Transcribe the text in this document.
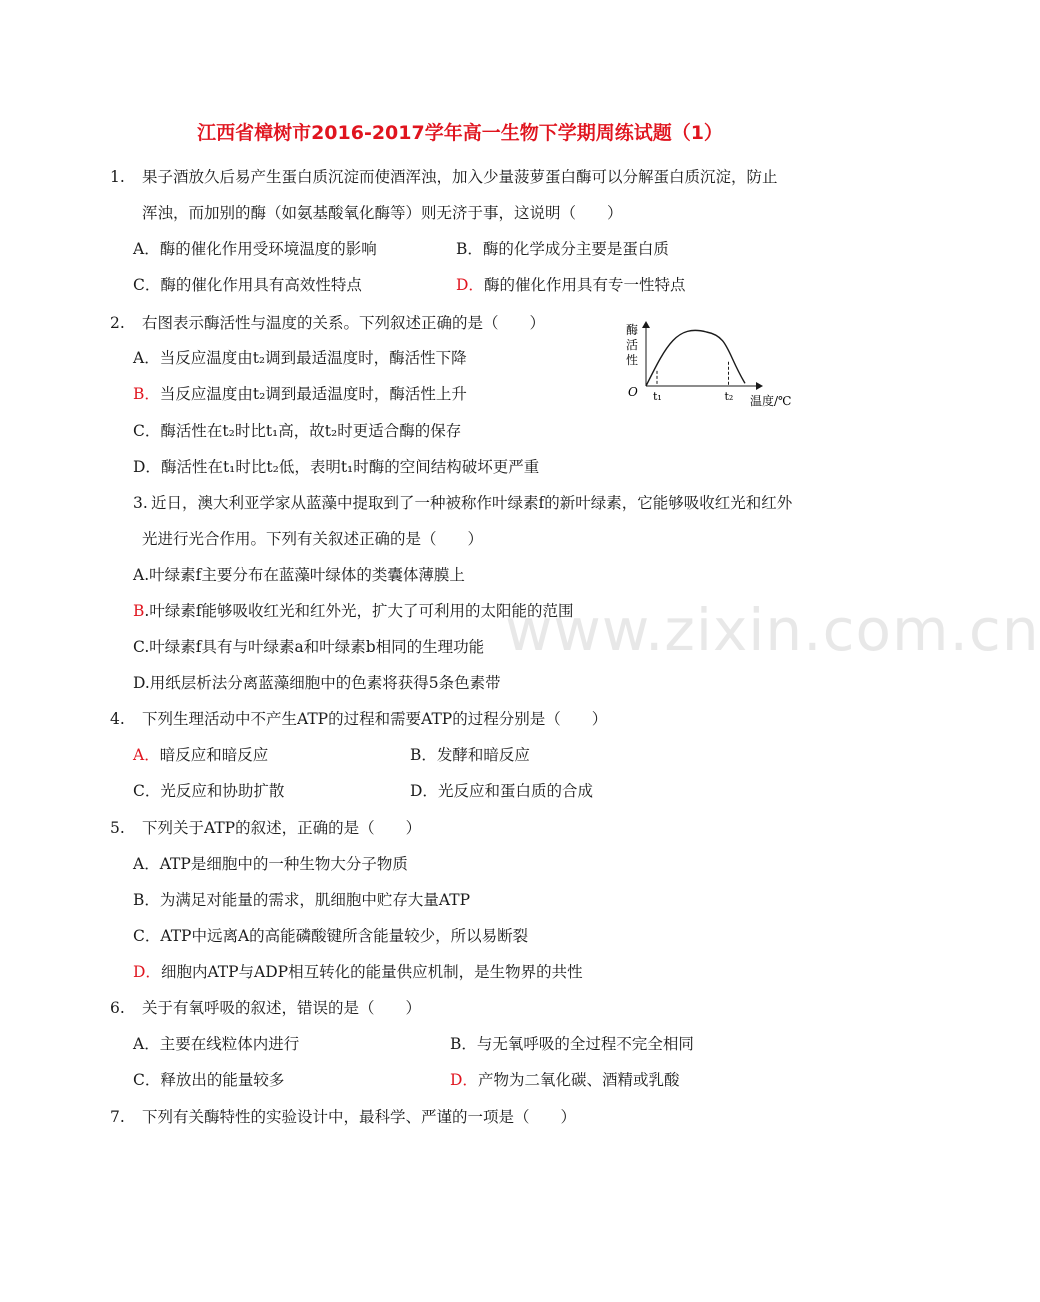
www.zixin.com.cn
江西省樟树市2016-2017学年高一生物下学期周练试题（1）
1. 果子酒放久后易产生蛋白质沉淀而使酒浑浊，加入少量菠萝蛋白酶可以分解蛋白质沉淀，防止
浑浊，而加别的酶（如氨基酸氧化酶等）则无济于事，这说明（　　）
A．酶的催化作用受环境温度的影响	B．酶的化学成分主要是蛋白质
C．酶的催化作用具有高效性特点	D．酶的催化作用具有专一性特点
2. 右图表示酶活性与温度的关系。下列叙述正确的是（　　）
A．当反应温度由t₂调到最适温度时，酶活性下降
B．当反应温度由t₂调到最适温度时，酶活性上升
C．酶活性在t₂时比t₁高，故t₂时更适合酶的保存
D．酶活性在t₁时比t₂低，表明t₁时酶的空间结构破坏更严重
酶
活
性
O t₁	t₂ 温度/℃
3. 近日，澳大利亚学家从蓝藻中提取到了一种被称作叶绿素f的新叶绿素，它能够吸收红光和红外
光进行光合作用。下列有关叙述正确的是（　　）
A.叶绿素f主要分布在蓝藻叶绿体的类囊体薄膜上
B.叶绿素f能够吸收红光和红外光，扩大了可利用的太阳能的范围
C.叶绿素f具有与叶绿素a和叶绿素b相同的生理功能
D.用纸层析法分离蓝藻细胞中的色素将获得5条色素带
4. 下列生理活动中不产生ATP的过程和需要ATP的过程分别是（　　）
A．暗反应和暗反应	B．发酵和暗反应
C．光反应和协助扩散	D．光反应和蛋白质的合成
5. 下列关于ATP的叙述，正确的是（　　）
A．ATP是细胞中的一种生物大分子物质
B．为满足对能量的需求，肌细胞中贮存大量ATP
C．ATP中远离A的高能磷酸键所含能量较少，所以易断裂
D．细胞内ATP与ADP相互转化的能量供应机制，是生物界的共性
6. 关于有氧呼吸的叙述，错误的是（　　）
A．主要在线粒体内进行	B．与无氧呼吸的全过程不完全相同
C．释放出的能量较多	D．产物为二氧化碳、酒精或乳酸
7. 下列有关酶特性的实验设计中，最科学、严谨的一项是（　　）
